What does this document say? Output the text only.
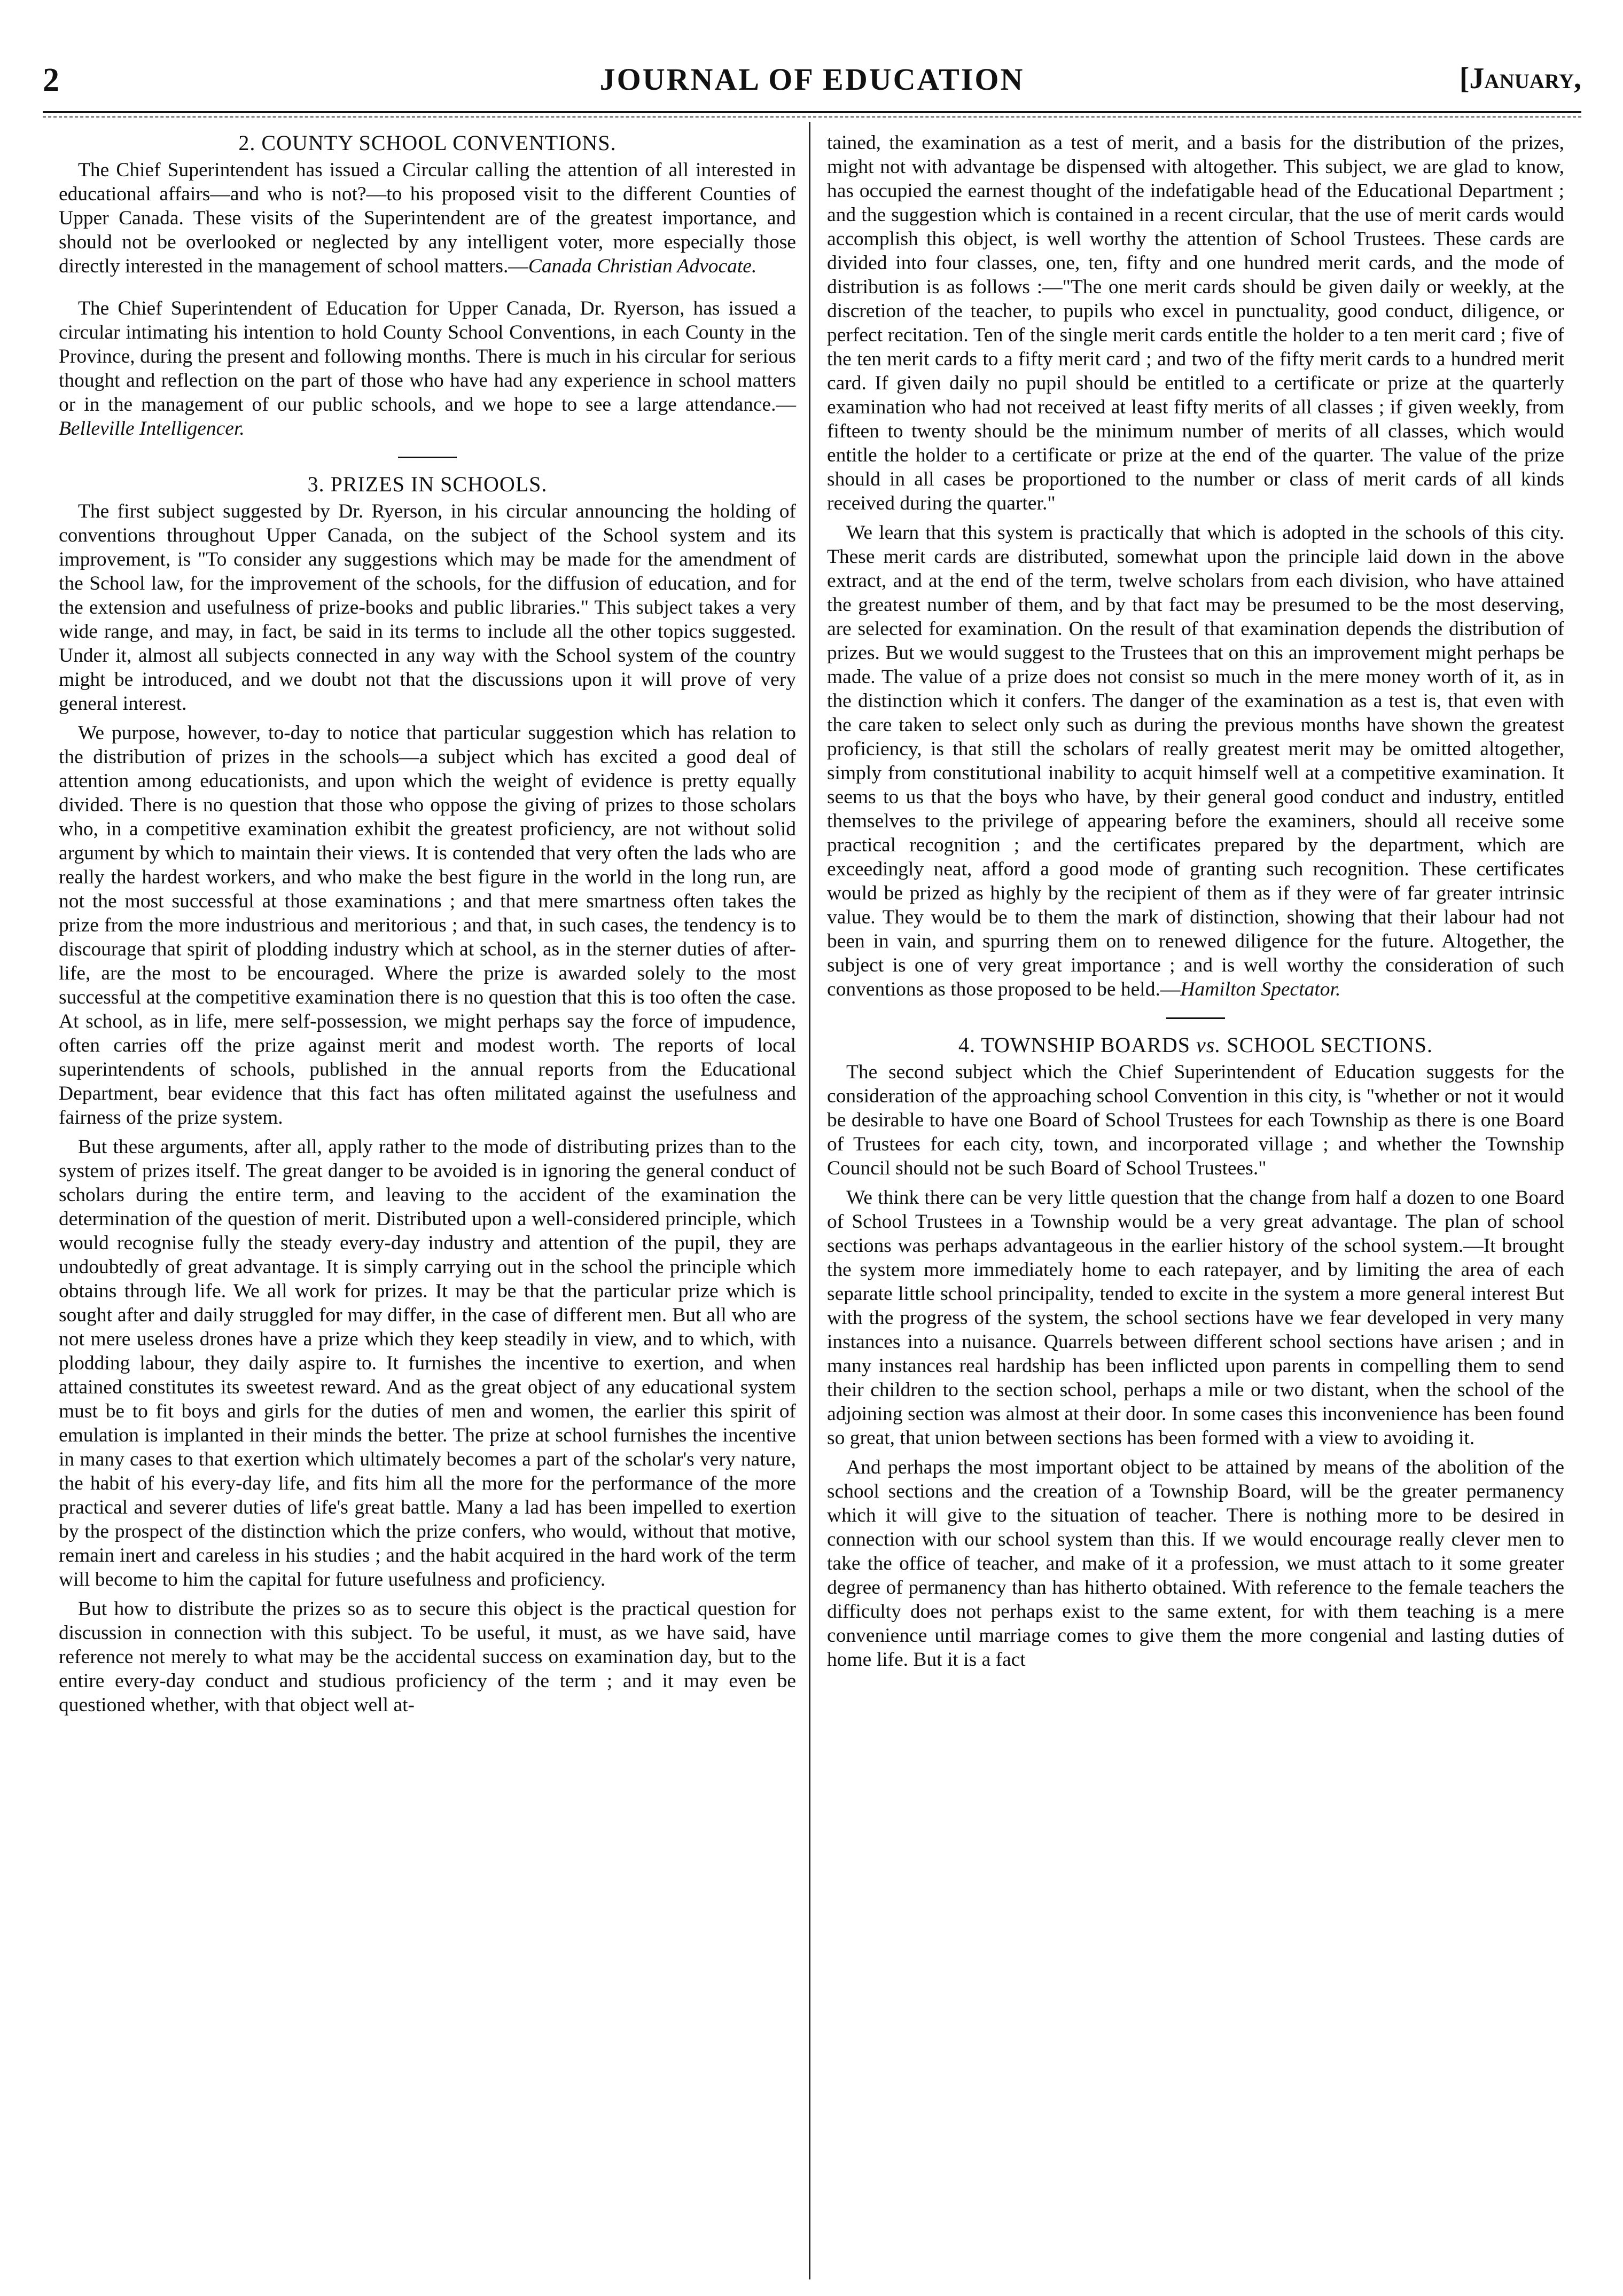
2	JOURNAL OF EDUCATION	[January,
2. COUNTY SCHOOL CONVENTIONS.

The Chief Superintendent has issued a Circular calling the attention of all interested in educational affairs—and who is not?—to his proposed visit to the different Counties of Upper Canada. These visits of the Superintendent are of the greatest importance, and should not be overlooked or neglected by any intelligent voter, more especially those directly interested in the management of school matters.—Canada Christian Advocate.

The Chief Superintendent of Education for Upper Canada, Dr. Ryerson, has issued a circular intimating his intention to hold County School Conventions, in each County in the Province, during the present and following months. There is much in his circular for serious thought and reflection on the part of those who have had any experience in school matters or in the management of our public schools, and we hope to see a large attendance.—Belleville Intelligencer.

3. PRIZES IN SCHOOLS.

The first subject suggested by Dr. Ryerson, in his circular announcing the holding of conventions throughout Upper Canada, on the subject of the School system and its improvement, is "To consider any suggestions which may be made for the amendment of the School law, for the improvement of the schools, for the diffusion of education, and for the extension and usefulness of prize-books and public libraries." This subject takes a very wide range, and may, in fact, be said in its terms to include all the other topics suggested. Under it, almost all subjects connected in any way with the School system of the country might be introduced, and we doubt not that the discussions upon it will prove of very general interest.

We purpose, however, to-day to notice that particular suggestion which has relation to the distribution of prizes in the schools—a subject which has excited a good deal of attention among educationists, and upon which the weight of evidence is pretty equally divided. There is no question that those who oppose the giving of prizes to those scholars who, in a competitive examination exhibit the greatest proficiency, are not without solid argument by which to maintain their views. It is contended that very often the lads who are really the hardest workers, and who make the best figure in the world in the long run, are not the most successful at those examinations ; and that mere smartness often takes the prize from the more industrious and meritorious ; and that, in such cases, the tendency is to discourage that spirit of plodding industry which at school, as in the sterner duties of after-life, are the most to be encouraged. Where the prize is awarded solely to the most successful at the competitive examination there is no question that this is too often the case. At school, as in life, mere self-possession, we might perhaps say the force of impudence, often carries off the prize against merit and modest worth. The reports of local superintendents of schools, published in the annual reports from the Educational Department, bear evidence that this fact has often militated against the usefulness and fairness of the prize system.

But these arguments, after all, apply rather to the mode of distributing prizes than to the system of prizes itself. The great danger to be avoided is in ignoring the general conduct of scholars during the entire term, and leaving to the accident of the examination the determination of the question of merit. Distributed upon a well-considered principle, which would recognise fully the steady every-day industry and attention of the pupil, they are undoubtedly of great advantage. It is simply carrying out in the school the principle which obtains through life. We all work for prizes. It may be that the particular prize which is sought after and daily struggled for may differ, in the case of different men. But all who are not mere useless drones have a prize which they keep steadily in view, and to which, with plodding labour, they daily aspire to. It furnishes the incentive to exertion, and when attained constitutes its sweetest reward. And as the great object of any educational system must be to fit boys and girls for the duties of men and women, the earlier this spirit of emulation is implanted in their minds the better. The prize at school furnishes the incentive in many cases to that exertion which ultimately becomes a part of the scholar's very nature, the habit of his every-day life, and fits him all the more for the performance of the more practical and severer duties of life's great battle. Many a lad has been impelled to exertion by the prospect of the distinction which the prize confers, who would, without that motive, remain inert and careless in his studies ; and the habit acquired in the hard work of the term will become to him the capital for future usefulness and proficiency.

But how to distribute the prizes so as to secure this object is the practical question for discussion in connection with this subject. To be useful, it must, as we have said, have reference not merely to what may be the accidental success on examination day, but to the entire every-day conduct and studious proficiency of the term ; and it may even be questioned whether, with that object well at-

tained, the examination as a test of merit, and a basis for the distribution of the prizes, might not with advantage be dispensed with altogether. This subject, we are glad to know, has occupied the earnest thought of the indefatigable head of the Educational Department ; and the suggestion which is contained in a recent circular, that the use of merit cards would accomplish this object, is well worthy the attention of School Trustees. These cards are divided into four classes, one, ten, fifty and one hundred merit cards, and the mode of distribution is as follows :—"The one merit cards should be given daily or weekly, at the discretion of the teacher, to pupils who excel in punctuality, good conduct, diligence, or perfect recitation. Ten of the single merit cards entitle the holder to a ten merit card ; five of the ten merit cards to a fifty merit card ; and two of the fifty merit cards to a hundred merit card. If given daily no pupil should be entitled to a certificate or prize at the quarterly examination who had not received at least fifty merits of all classes ; if given weekly, from fifteen to twenty should be the minimum number of merits of all classes, which would entitle the holder to a certificate or prize at the end of the quarter. The value of the prize should in all cases be proportioned to the number or class of merit cards of all kinds received during the quarter."

We learn that this system is practically that which is adopted in the schools of this city. These merit cards are distributed, somewhat upon the principle laid down in the above extract, and at the end of the term, twelve scholars from each division, who have attained the greatest number of them, and by that fact may be presumed to be the most deserving, are selected for examination. On the result of that examination depends the distribution of prizes. But we would suggest to the Trustees that on this an improvement might perhaps be made. The value of a prize does not consist so much in the mere money worth of it, as in the distinction which it confers. The danger of the examination as a test is, that even with the care taken to select only such as during the previous months have shown the greatest proficiency, is that still the scholars of really greatest merit may be omitted altogether, simply from constitutional inability to acquit himself well at a competitive examination. It seems to us that the boys who have, by their general good conduct and industry, entitled themselves to the privilege of appearing before the examiners, should all receive some practical recognition ; and the certificates prepared by the department, which are exceedingly neat, afford a good mode of granting such recognition. These certificates would be prized as highly by the recipient of them as if they were of far greater intrinsic value. They would be to them the mark of distinction, showing that their labour had not been in vain, and spurring them on to renewed diligence for the future. Altogether, the subject is one of very great importance ; and is well worthy the consideration of such conventions as those proposed to be held.—Hamilton Spectator.

4. TOWNSHIP BOARDS vs. SCHOOL SECTIONS.

The second subject which the Chief Superintendent of Education suggests for the consideration of the approaching school Convention in this city, is "whether or not it would be desirable to have one Board of School Trustees for each Township as there is one Board of Trustees for each city, town, and incorporated village ; and whether the Township Council should not be such Board of School Trustees."

We think there can be very little question that the change from half a dozen to one Board of School Trustees in a Township would be a very great advantage. The plan of school sections was perhaps advantageous in the earlier history of the school system.—It brought the system more immediately home to each ratepayer, and by limiting the area of each separate little school principality, tended to excite in the system a more general interest But with the progress of the system, the school sections have we fear developed in very many instances into a nuisance. Quarrels between different school sections have arisen ; and in many instances real hardship has been inflicted upon parents in compelling them to send their children to the section school, perhaps a mile or two distant, when the school of the adjoining section was almost at their door. In some cases this inconvenience has been found so great, that union between sections has been formed with a view to avoiding it.

And perhaps the most important object to be attained by means of the abolition of the school sections and the creation of a Township Board, will be the greater permanency which it will give to the situation of teacher. There is nothing more to be desired in connection with our school system than this. If we would encourage really clever men to take the office of teacher, and make of it a profession, we must attach to it some greater degree of permanency than has hitherto obtained. With reference to the female teachers the difficulty does not perhaps exist to the same extent, for with them teaching is a mere convenience until marriage comes to give them the more congenial and lasting duties of home life. But it is a fact
